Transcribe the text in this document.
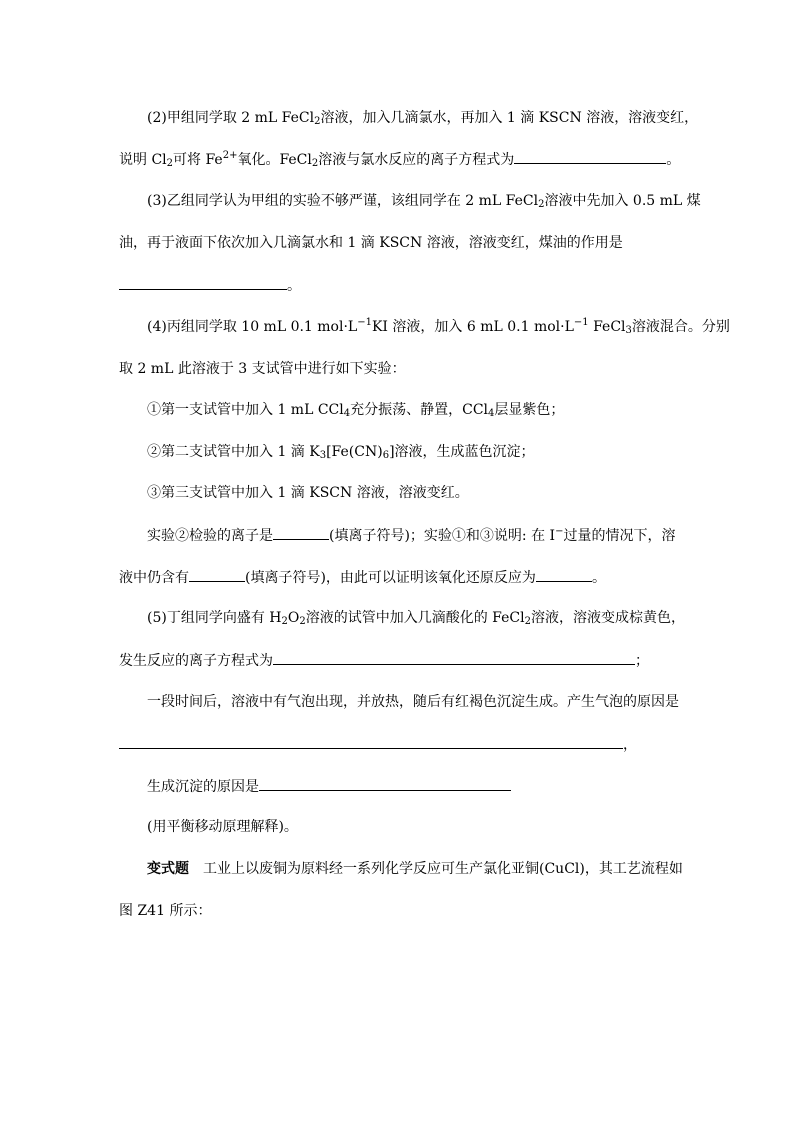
(2)甲组同学取 2 mL FeCl$_2$溶液，加入几滴氯水，再加入 1 滴 KSCN 溶液，溶液变红，
说明 $Cl_2$可将 $Fe^{2+}$氧化。FeCl$_2$溶液与氯水反应的离子方程式为	。
(3)乙组同学认为甲组的实验不够严谨，该组同学在 2 mL FeCl$_2$溶液中先加入 0.5 mL 煤
油，再于液面下依次加入几滴氯水和 1 滴 KSCN 溶液，溶液变红，煤油的作用是
。
(4)丙组同学取 10 mL 0.1 $mol\cdot L^{-1}KI$ 溶液，加入 6 mL 0.1 $mol\cdot L^{-1}$ FeCl$_3$溶液混合。分别
取 2 mL 此溶液于 3 支试管中进行如下实验：
①第一支试管中加入 1 mL CCl$_4$充分振荡、静置，CCl$_4$层显紫色；
②第二支试管中加入 1 滴 $K_3[Fe(CN)_6]$溶液，生成蓝色沉淀；
③第三支试管中加入 1 滴 KSCN 溶液，溶液变红。
实验②检验的离子是	(填离子符号)；实验①和③说明: 在 I−过量的情况下，溶
液中仍含有	(填离子符号)，由此可以证明该氧化还原反应为	。
(5)丁组同学向盛有 $H_2O_2$溶液的试管中加入几滴酸化的 FeCl$_2$溶液，溶液变成棕黄色，
发生反应的离子方程式为	；
一段时间后，溶液中有气泡出现，并放热，随后有红褐色沉淀生成。产生气泡的原因是
，
生成沉淀的原因是
(用平衡移动原理解释)。
变式题 工业上以废铜为原料经一系列化学反应可生产氯化亚铜(CuCl)，其工艺流程如
图 Z41 所示：
